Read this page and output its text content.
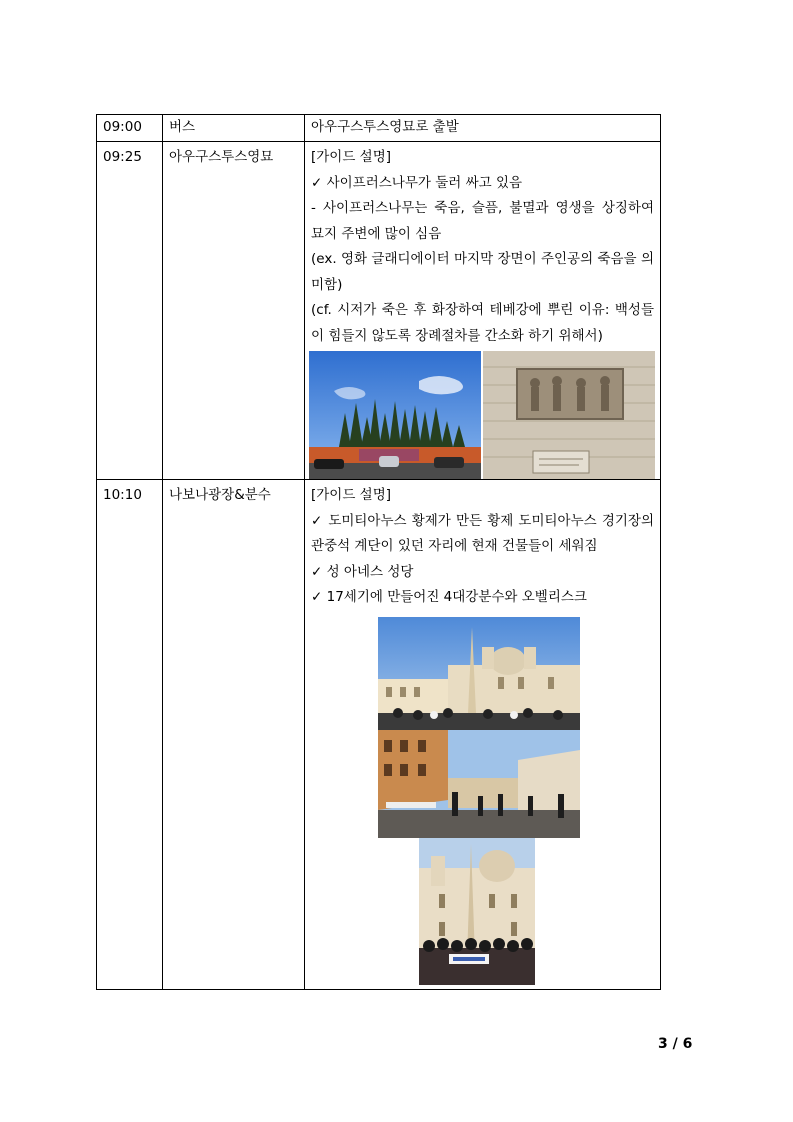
09:00	버스	아우구스투스영묘로 출발

09:25	아우구스투스영묘	[가이드 설명]
✓ 사이프러스나무가 둘러 싸고 있음
- 사이프러스나무는 죽음, 슬픔, 불멸과 영생을 상징하여 묘지 주변에 많이 심음
(ex. 영화 글래디에이터 마지막 장면이 주인공의 죽음을 의미함)
(cf. 시저가 죽은 후 화장하여 테베강에 뿌린 이유: 백성들이 힘들지 않도록 장례절차를 간소화 하기 위해서)

10:10	나보나광장&분수	[가이드 설명]
✓ 도미티아누스 황제가 만든 황제 도미티아누스 경기장의 관중석 계단이 있던 자리에 현재 건물들이 세워짐
✓ 성 아네스 성당
✓ 17세기에 만들어진 4대강분수와 오벨리스크
3 / 6
